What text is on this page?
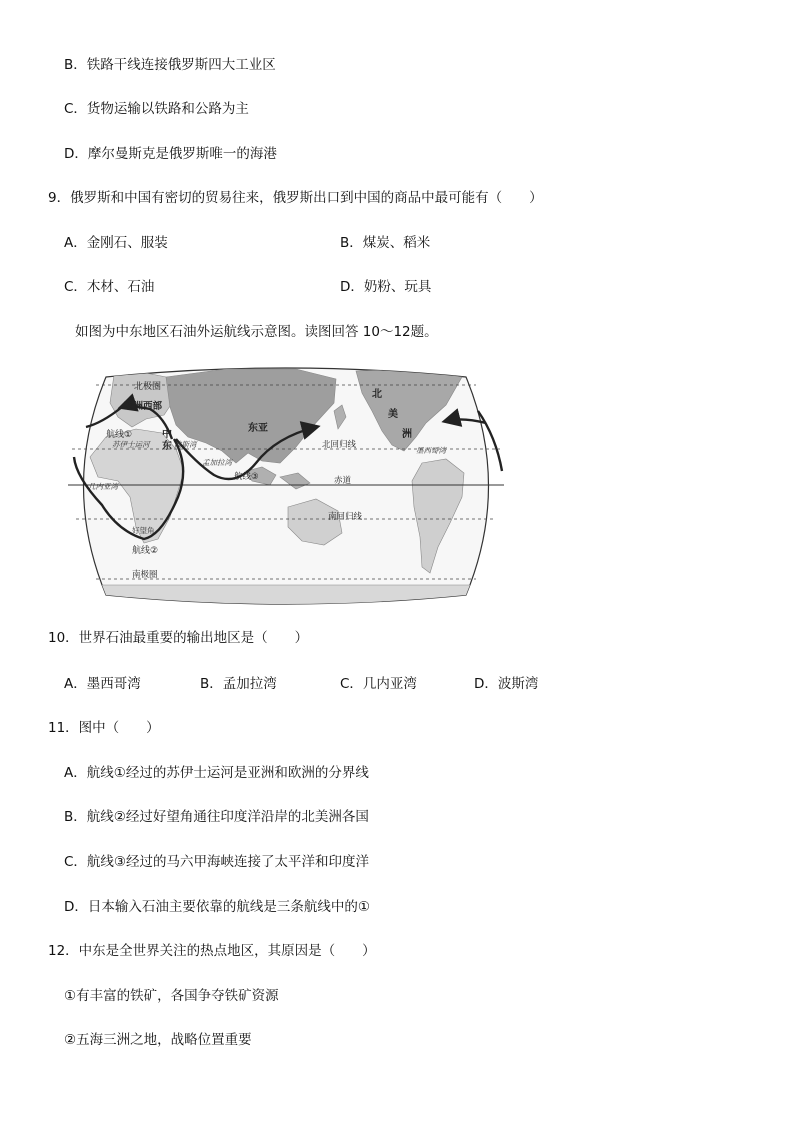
B．铁路干线连接俄罗斯四大工业区
C．货物运输以铁路和公路为主
D．摩尔曼斯克是俄罗斯唯一的海港
9．俄罗斯和中国有密切的贸易往来，俄罗斯出口到中国的商品中最可能有（　　）
A．金刚石、服装	B．煤炭、稻米
C．木材、石油	D．奶粉、玩具
如图为中东地区石油外运航线示意图。读图回答 10～12题。
北极圈
欧洲西部
航线①
苏伊士运河
中
东 波斯湾
东亚
北回归线
北
美
洲
墨西哥湾
孟加拉湾
航线③
几内亚湾
赤道
南回归线
好望角
航线②
南极圈
10．世界石油最重要的输出地区是（　　）
A．墨西哥湾	B．孟加拉湾	C．几内亚湾	D．波斯湾
11．图中（　　）
A．航线①经过的苏伊士运河是亚洲和欧洲的分界线
B．航线②经过好望角通往印度洋沿岸的北美洲各国
C．航线③经过的马六甲海峡连接了太平洋和印度洋
D．日本输入石油主要依靠的航线是三条航线中的①
12．中东是全世界关注的热点地区，其原因是（　　）
①有丰富的铁矿，各国争夺铁矿资源
②五海三洲之地，战略位置重要
